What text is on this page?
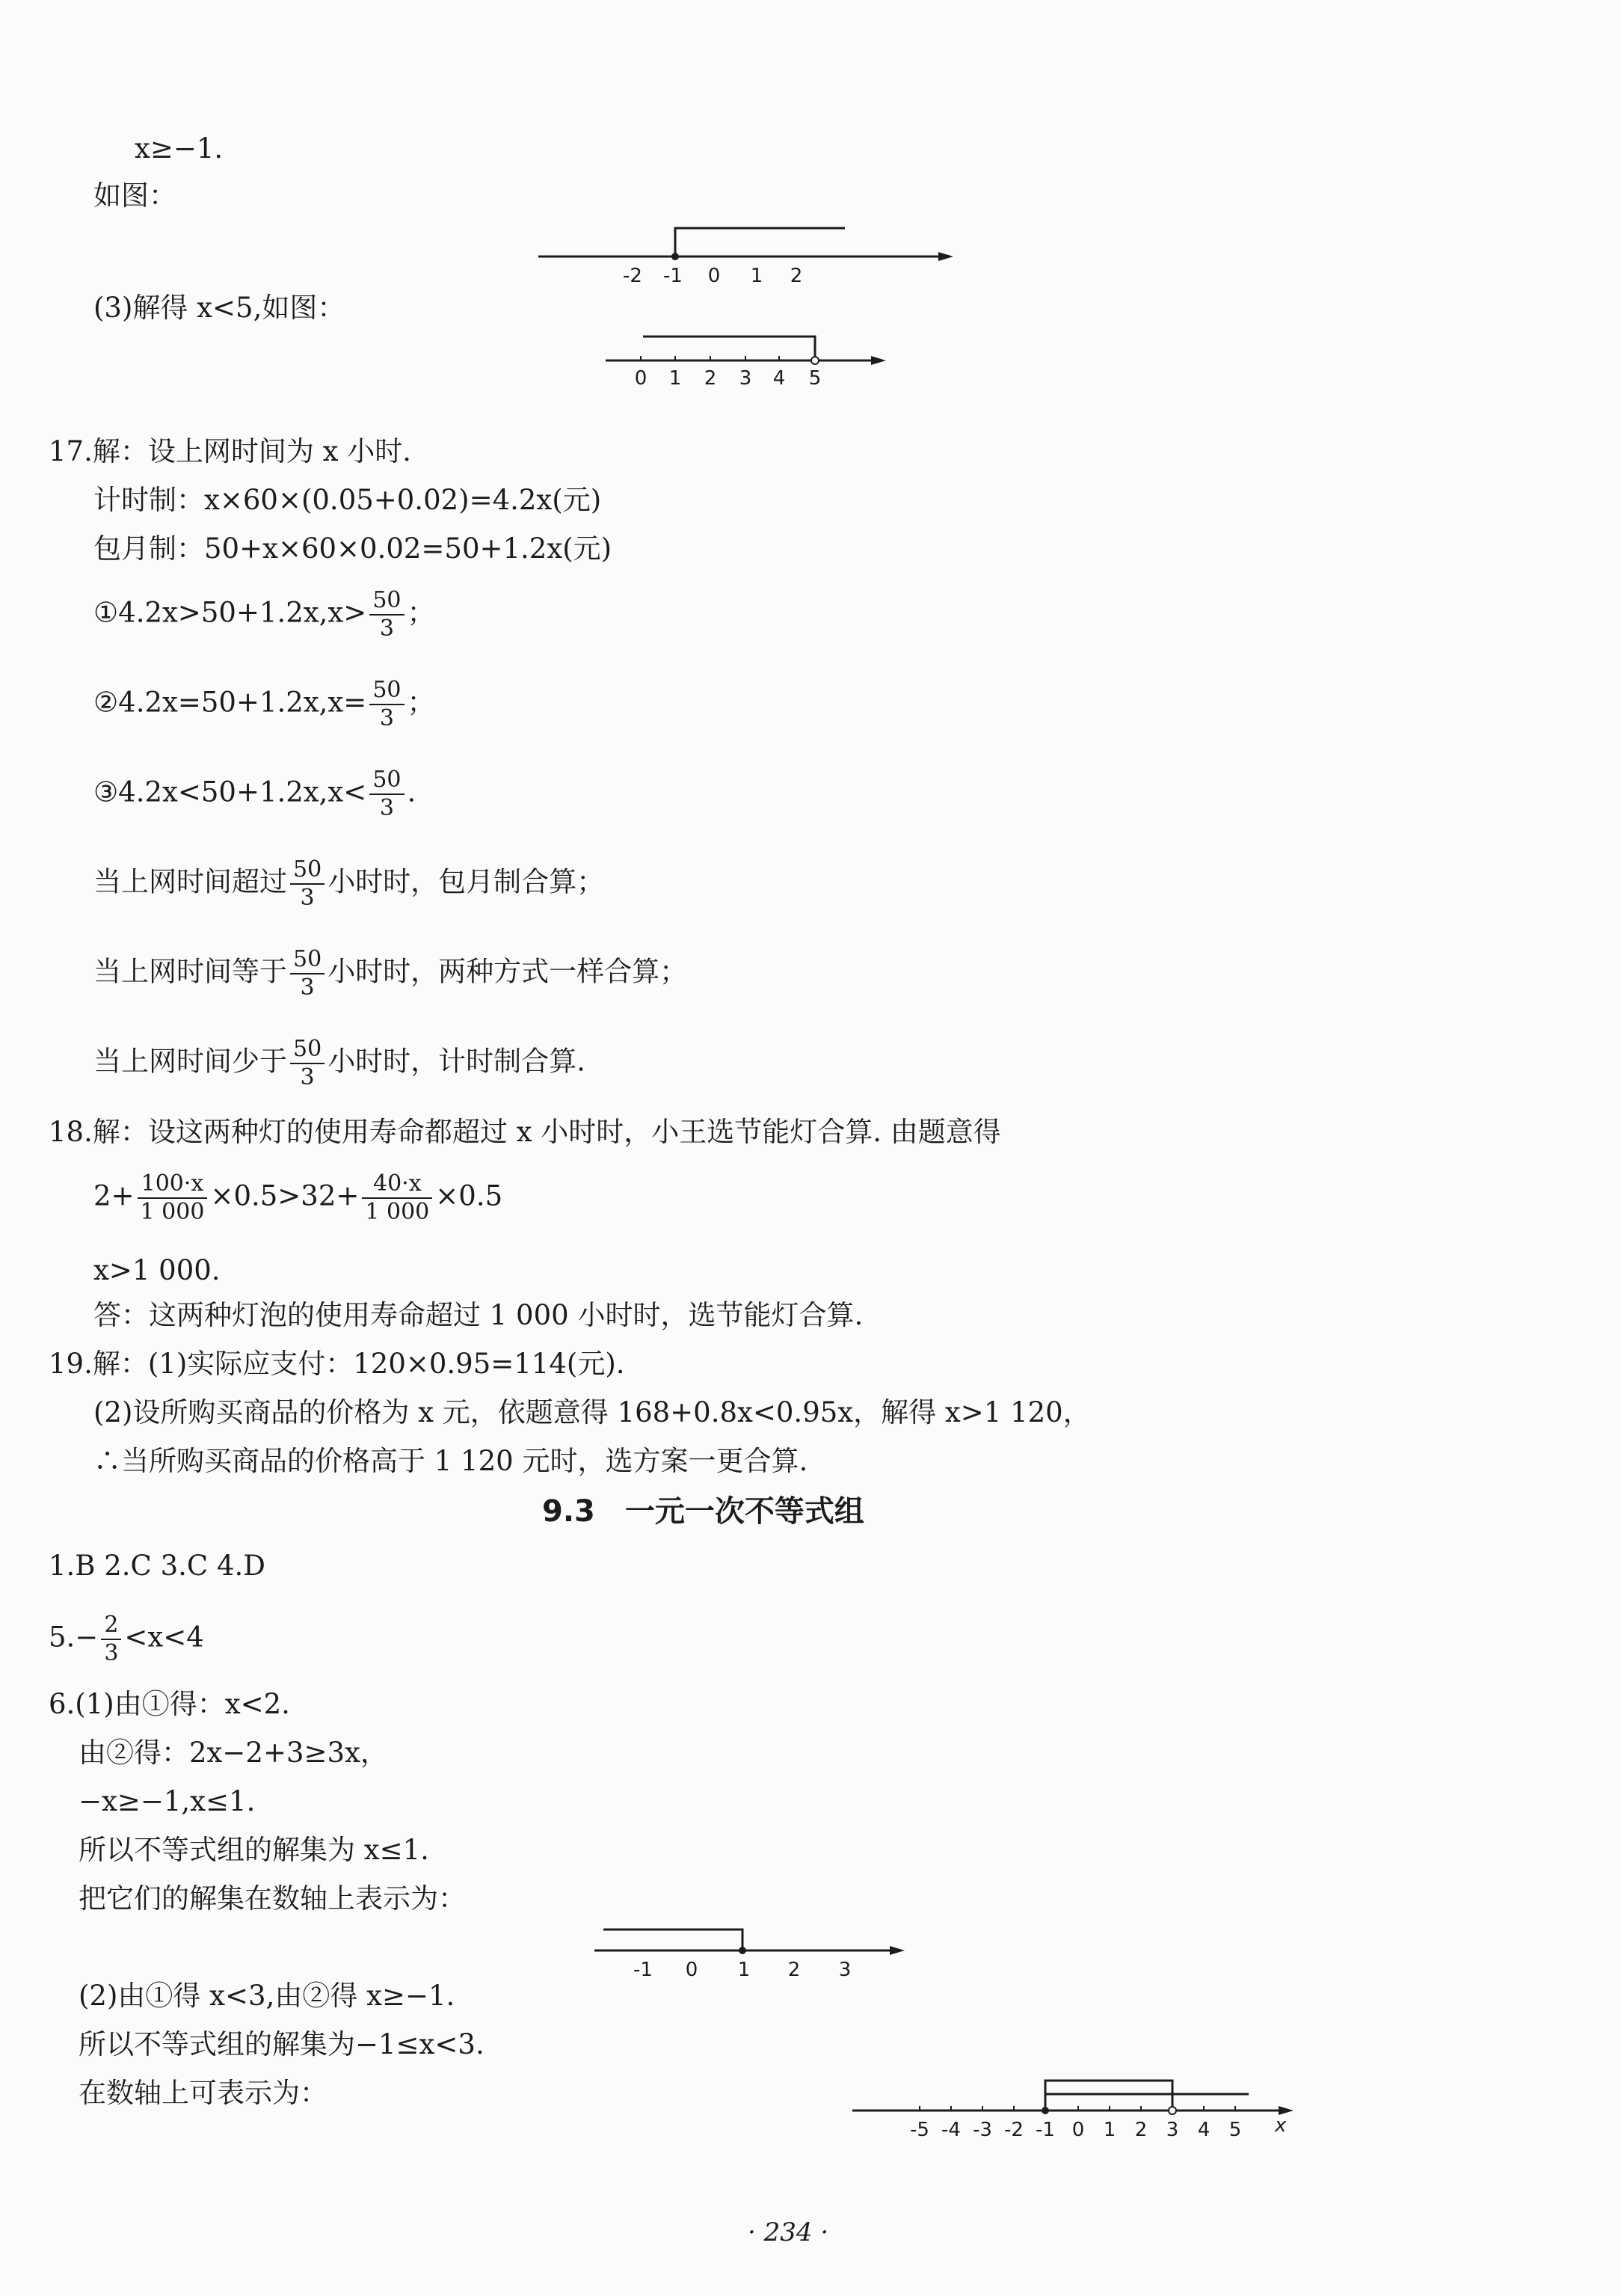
x≥−1.
如图：
-2 -1 0 1 2
(3)解得 x<5,如图：
0 1 2 3 4 5
17.解：设上网时间为 x 小时.
计时制：x×60×(0.05+0.02)=4.2x(元)
包月制：50+x×60×0.02=50+1.2x(元)
①4.2x>50+1.2x,x> $\frac{50}{3}$ ；
②4.2x=50+1.2x,x= $\frac{50}{3}$ ；
③4.2x<50+1.2x,x< $\frac{50}{3}$ .
当上网时间超过 $\frac{50}{3}$ 小时时，包月制合算；
当上网时间等于 $\frac{50}{3}$ 小时时，两种方式一样合算；
当上网时间少于 $\frac{50}{3}$ 小时时，计时制合算.
18.解：设这两种灯的使用寿命都超过 x 小时时，小王选节能灯合算. 由题意得
$2+ \frac{100\cdot x}{1 000} \times 0.5>32+ \frac{40\cdot x}{1 000} \times 0.5$
x>1 000.
答：这两种灯泡的使用寿命超过 1 000 小时时，选节能灯合算.
19.解：(1)实际应支付：120×0.95=114(元).
(2)设所购买商品的价格为 x 元，依题意得 168+0.8x<0.95x，解得 x>1 120，
∴当所购买商品的价格高于 1 120 元时，选方案一更合算.
9.3　一元一次不等式组
1.B 2.C 3.C 4.D
$5.- \frac{2}{3} <x<4$
6.(1)由①得：x<2.
由②得：2x−2+3≥3x，
−x≥−1,x≤1.
所以不等式组的解集为 x≤1.
把它们的解集在数轴上表示为：
-1 0 1 2 3
(2)由①得 x<3,由②得 x≥−1.
所以不等式组的解集为−1≤x<3.
在数轴上可表示为：
-5 -4 -3 -2 -1 0 1 2 3 4 5 x
· 234 ·
